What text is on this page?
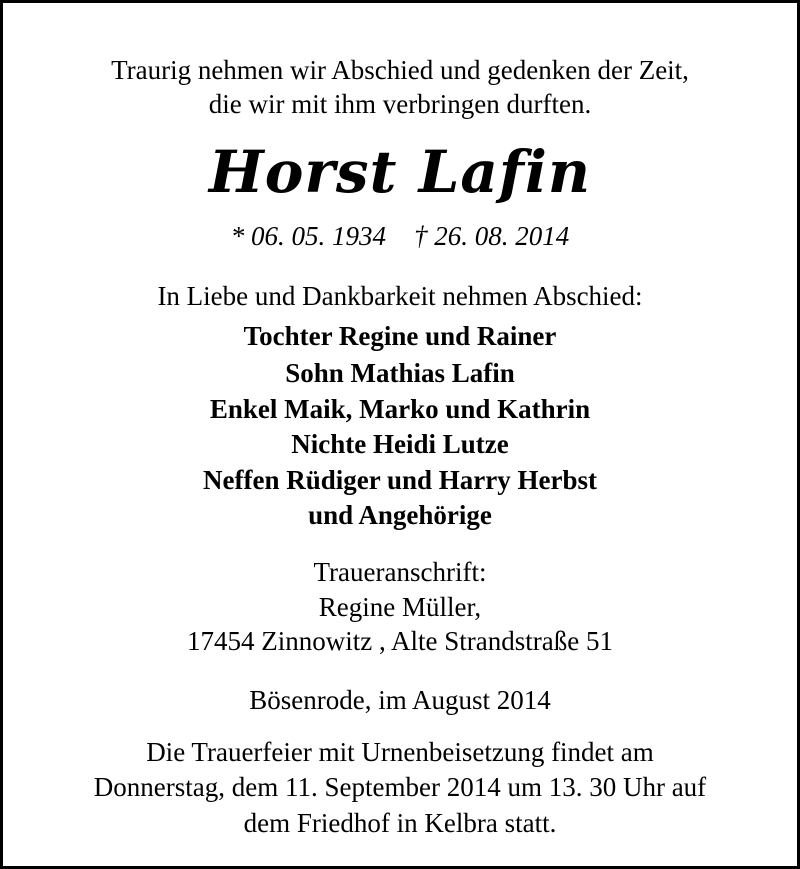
Traurig nehmen wir Abschied und gedenken der Zeit,
die wir mit ihm verbringen durften.
Horst Lafin
* 06. 05. 1934 † 26. 08. 2014
In Liebe und Dankbarkeit nehmen Abschied:
Tochter Regine und Rainer
Sohn Mathias Lafin
Enkel Maik, Marko und Kathrin
Nichte Heidi Lutze
Neffen Rüdiger und Harry Herbst
und Angehörige
Traueranschrift:
Regine Müller,
17454 Zinnowitz , Alte Strandstraße 51
Bösenrode, im August 2014
Die Trauerfeier mit Urnenbeisetzung findet am
Donnerstag, dem 11. September 2014 um 13. 30 Uhr auf
dem Friedhof in Kelbra statt.
